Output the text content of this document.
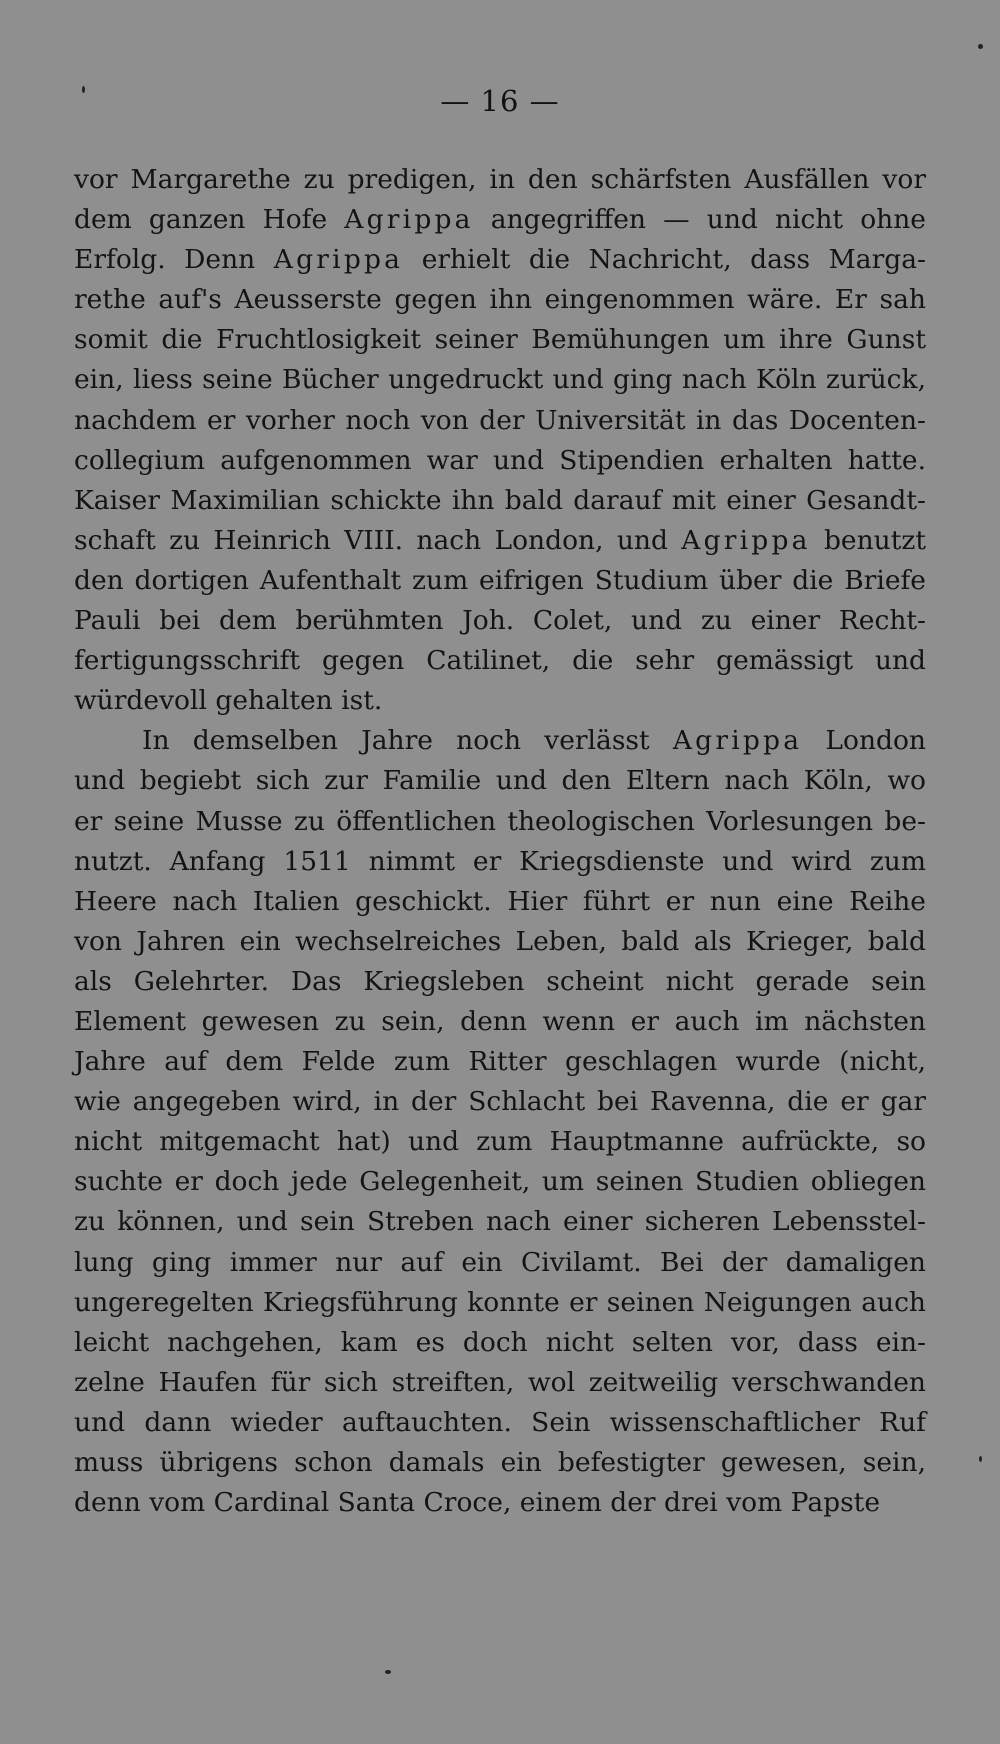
— 16 —
vor Margarethe zu predigen, in den schärfsten Ausfällen vor
dem ganzen Hofe Agrippa angegriffen — und nicht ohne
Erfolg. Denn Agrippa erhielt die Nachricht, dass Marga-
rethe auf's Aeusserste gegen ihn eingenommen wäre. Er sah
somit die Fruchtlosigkeit seiner Bemühungen um ihre Gunst
ein, liess seine Bücher ungedruckt und ging nach Köln zurück,
nachdem er vorher noch von der Universität in das Docenten-
collegium aufgenommen war und Stipendien erhalten hatte.
Kaiser Maximilian schickte ihn bald darauf mit einer Gesandt-
schaft zu Heinrich VIII. nach London, und Agrippa benutzt
den dortigen Aufenthalt zum eifrigen Studium über die Briefe
Pauli bei dem berühmten Joh. Colet, und zu einer Recht-
fertigungsschrift gegen Catilinet, die sehr gemässigt und
würdevoll gehalten ist.
In demselben Jahre noch verlässt Agrippa London
und begiebt sich zur Familie und den Eltern nach Köln, wo
er seine Musse zu öffentlichen theologischen Vorlesungen be-
nutzt. Anfang 1511 nimmt er Kriegsdienste und wird zum
Heere nach Italien geschickt. Hier führt er nun eine Reihe
von Jahren ein wechselreiches Leben, bald als Krieger, bald
als Gelehrter. Das Kriegsleben scheint nicht gerade sein
Element gewesen zu sein, denn wenn er auch im nächsten
Jahre auf dem Felde zum Ritter geschlagen wurde (nicht,
wie angegeben wird, in der Schlacht bei Ravenna, die er gar
nicht mitgemacht hat) und zum Hauptmanne aufrückte, so
suchte er doch jede Gelegenheit, um seinen Studien obliegen
zu können, und sein Streben nach einer sicheren Lebensstel-
lung ging immer nur auf ein Civilamt. Bei der damaligen
ungeregelten Kriegsführung konnte er seinen Neigungen auch
leicht nachgehen, kam es doch nicht selten vor, dass ein-
zelne Haufen für sich streiften, wol zeitweilig verschwanden
und dann wieder auftauchten. Sein wissenschaftlicher Ruf
muss übrigens schon damals ein befestigter gewesen, sein,
denn vom Cardinal Santa Croce, einem der drei vom Papste
